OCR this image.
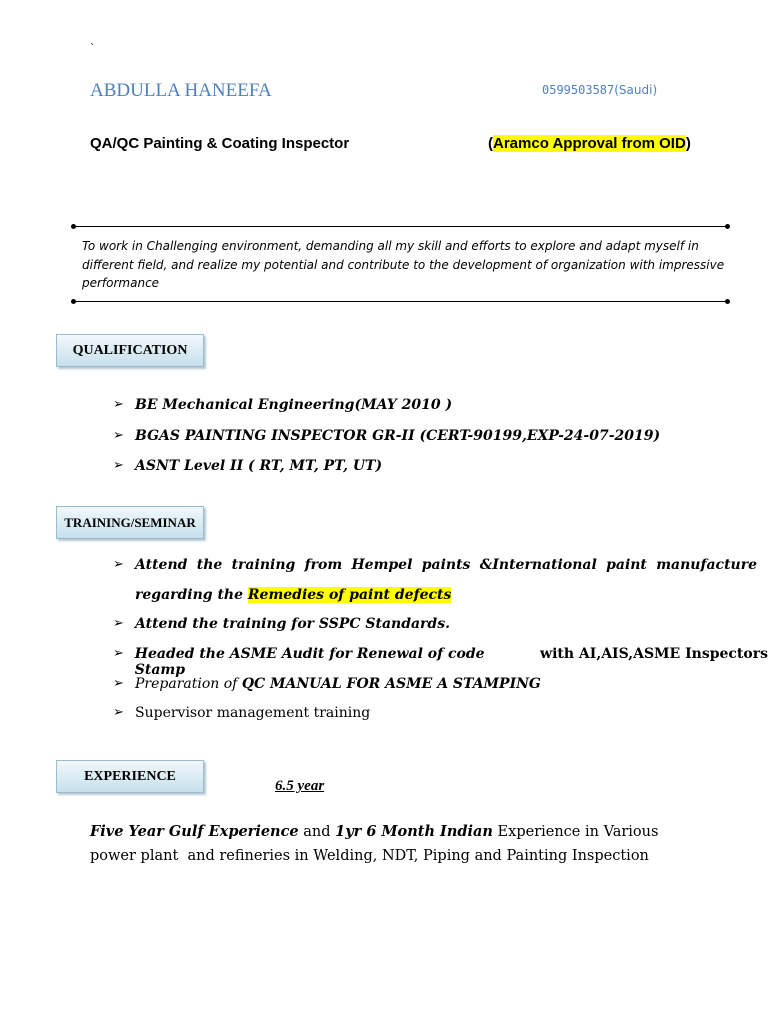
`
ABDULLA HANEEFA	0599503587(Saudi)
QA/QC Painting & Coating Inspector	(Aramco Approval from OID)
To work in Challenging environment, demanding all my skill and efforts to explore and adapt myself in different field, and realize my potential and contribute to the development of organization with impressive performance
QUALIFICATION
➢ BE Mechanical Engineering(MAY 2010 )
➢ BGAS PAINTING INSPECTOR GR-II (CERT-90199,EXP-24-07-2019)
➢ ASNT Level II ( RT, MT, PT, UT)
TRAINING/SEMINAR
➢ Attend the training from Hempel paints &International paint manufacture
regarding the Remedies of paint defects
➢ Attend the training for SSPC Standards.
➢ Headed the ASME Audit for Renewal of code Stamp
with AI,AIS,ASME Inspectors
➢ Preparation of QC MANUAL FOR ASME A STAMPING
➢ Supervisor management training
EXPERIENCE
6.5 year
Five Year Gulf Experience and 1yr 6 Month Indian Experience in Various
power plant  and refineries in Welding, NDT, Piping and Painting Inspection
